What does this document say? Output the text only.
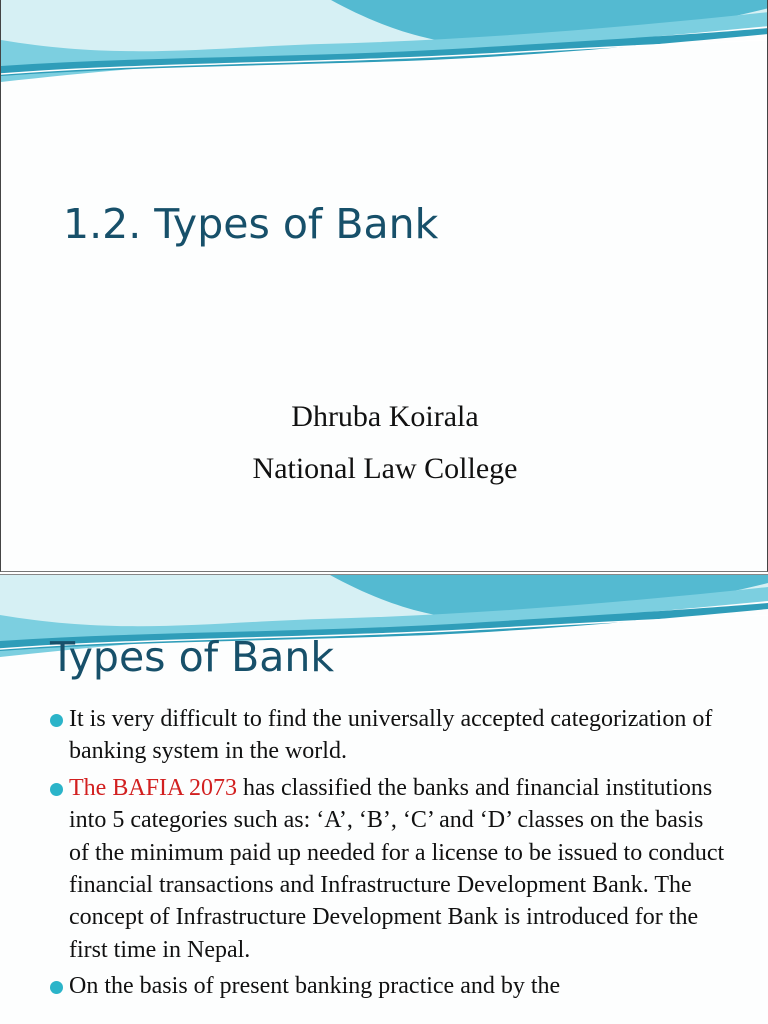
1.2. Types of Bank
Dhruba Koirala
National Law College
Types of Bank
It is very difficult to find the universally accepted categorization of banking system in the world.
The BAFIA 2073 has classified the banks and financial institutions into 5 categories such as: ‘A’, ‘B’, ‘C’ and ‘D’ classes on the basis of the minimum paid up needed for a license to be issued to conduct financial transactions and Infrastructure Development Bank. The concept of Infrastructure Development Bank is introduced for the first time in Nepal.
On the basis of present banking practice and by the
